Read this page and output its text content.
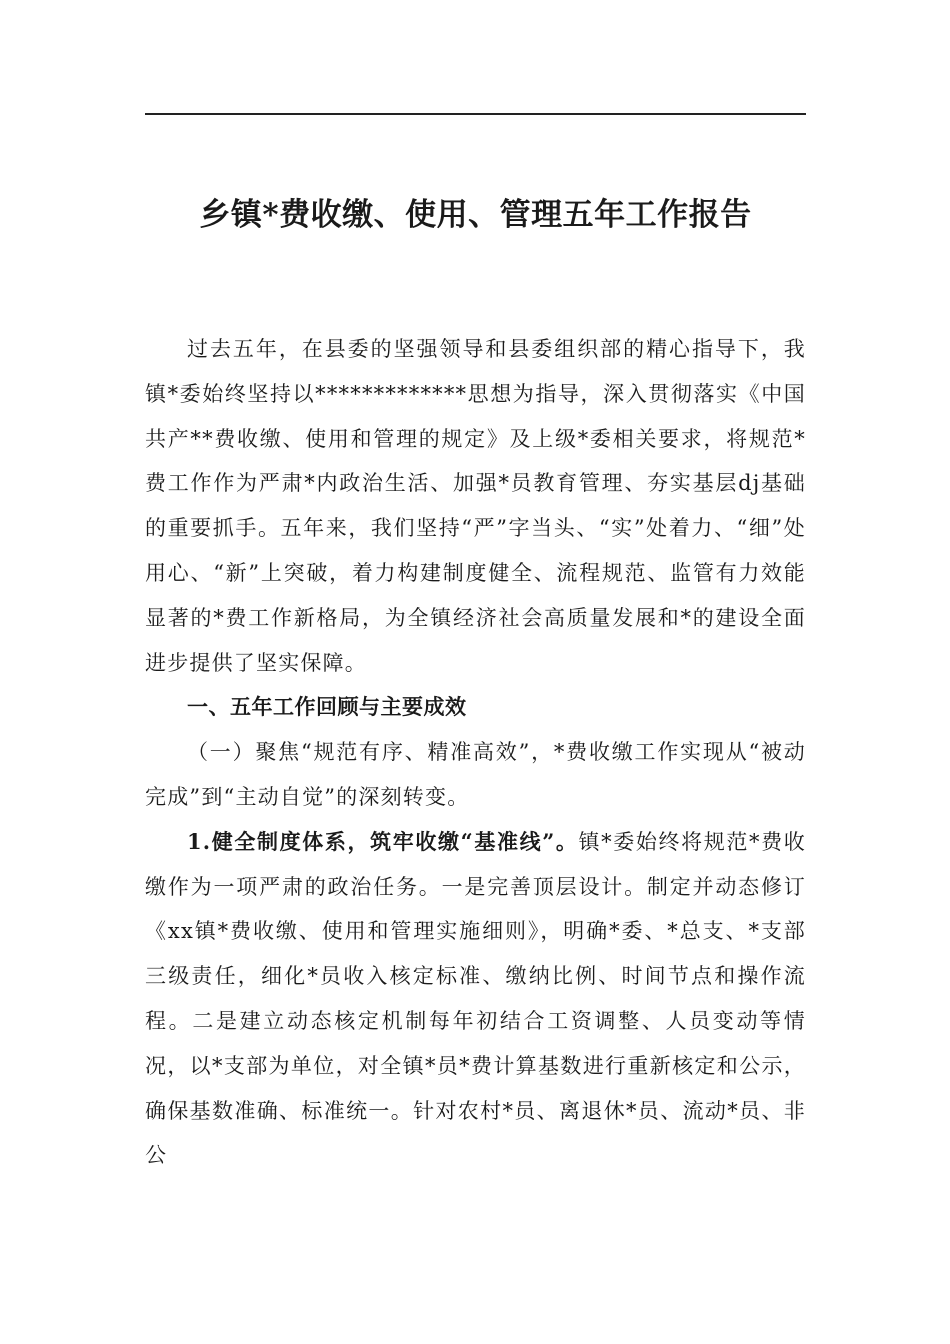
乡镇*费收缴、使用、管理五年工作报告

过去五年，在县委的坚强领导和县委组织部的精心指导下，我镇*委始终坚持以*************思想为指导，深入贯彻落实《中国共产**费收缴、使用和管理的规定》及上级*委相关要求，将规范*费工作作为严肃*内政治生活、加强*员教育管理、夯实基层dj基础的重要抓手。五年来，我们坚持“严”字当头、“实”处着力、“细”处用心、“新”上突破，着力构建制度健全、流程规范、监管有力效能显著的*费工作新格局，为全镇经济社会高质量发展和*的建设全面进步提供了坚实保障。

一、五年工作回顾与主要成效

（一）聚焦“规范有序、精准高效”，*费收缴工作实现从“被动完成”到“主动自觉”的深刻转变。

1.健全制度体系，筑牢收缴“基准线”。镇*委始终将规范*费收缴作为一项严肃的政治任务。一是完善顶层设计。制定并动态修订《xx镇*费收缴、使用和管理实施细则》，明确*委、*总支、*支部三级责任，细化*员收入核定标准、缴纳比例、时间节点和操作流程。二是建立动态核定机制每年初结合工资调整、人员变动等情况，以*支部为单位，对全镇*员*费计算基数进行重新核定和公示，确保基数准确、标准统一。针对农村*员、离退休*员、流动*员、非公
